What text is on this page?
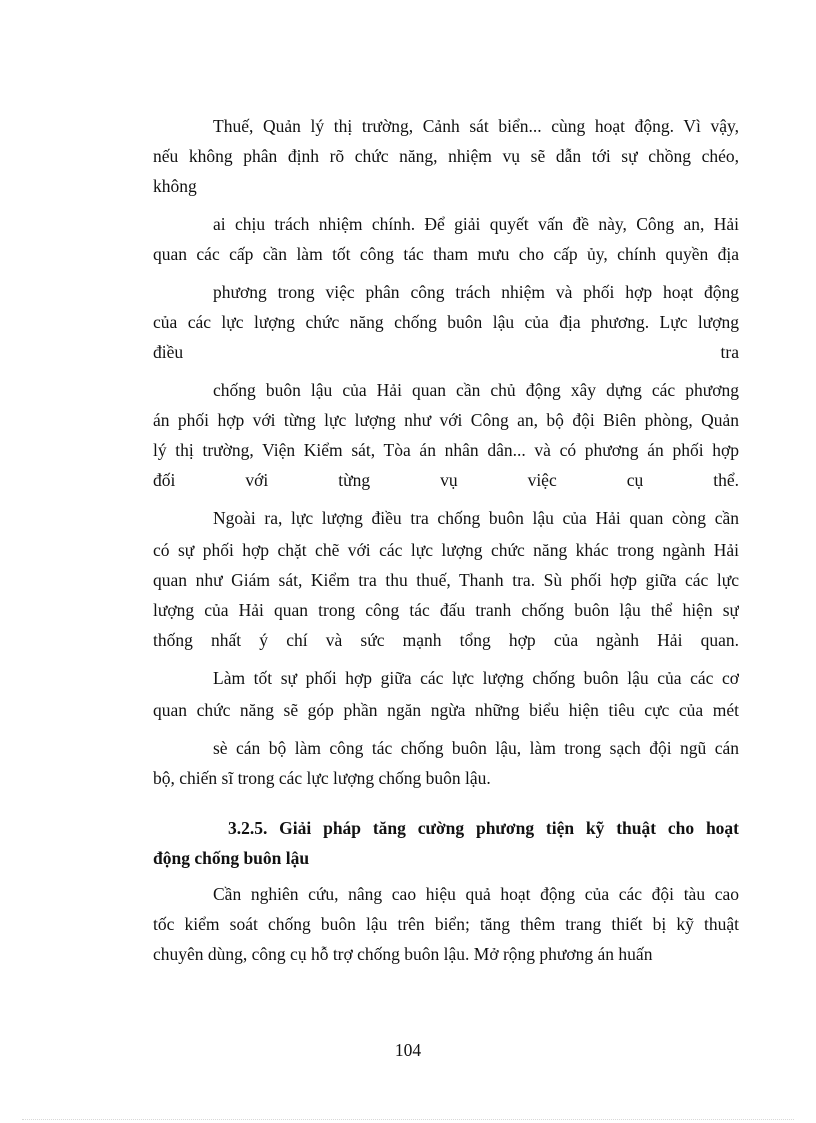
Thuế, Quản lý thị trường, Cảnh sát biển... cùng hoạt động. Vì vậy,
nếu không phân định rõ chức năng, nhiệm vụ sẽ dẫn tới sự chồng chéo,
không
ai chịu trách nhiệm chính. Để giải quyết vấn đề này, Công an, Hải
quan các cấp cần làm tốt công tác tham mưu cho cấp ủy, chính quyền địa
phương trong việc phân công trách nhiệm và phối hợp hoạt động
của các lực lượng chức năng chống buôn lậu của địa phương. Lực lượng
điều	tra
chống buôn lậu của Hải quan cần chủ động xây dựng các phương
án phối hợp với từng lực lượng như với Công an, bộ đội Biên phòng, Quản
lý thị trường, Viện Kiểm sát, Tòa án nhân dân... và có phương án phối hợp
đối với từng vụ việc cụ thể.
Ngoài ra, lực lượng điều tra chống buôn lậu của Hải quan còng cần
có sự phối hợp chặt chẽ với các lực lượng chức năng khác trong ngành Hải
quan như Giám sát, Kiểm tra thu thuế, Thanh tra. Sù phối hợp giữa các lực
lượng của Hải quan trong công tác đấu tranh chống buôn lậu thể hiện sự
thống nhất ý chí và sức mạnh tổng hợp của ngành Hải quan.
Làm tốt sự phối hợp giữa các lực lượng chống buôn lậu của các cơ
quan chức năng sẽ góp phần ngăn ngừa những biểu hiện tiêu cực của mét
sè cán bộ làm công tác chống buôn lậu, làm trong sạch đội ngũ cán
bộ, chiến sĩ trong các lực lượng chống buôn lậu.
3.2.5. Giải pháp tăng cường phương tiện kỹ thuật cho hoạt
động chống buôn lậu
Cần nghiên cứu, nâng cao hiệu quả hoạt động của các đội tàu cao
tốc kiểm soát chống buôn lậu trên biển; tăng thêm trang thiết bị kỹ thuật
chuyên dùng, công cụ hỗ trợ chống buôn lậu. Mở rộng phương án huấn
104
